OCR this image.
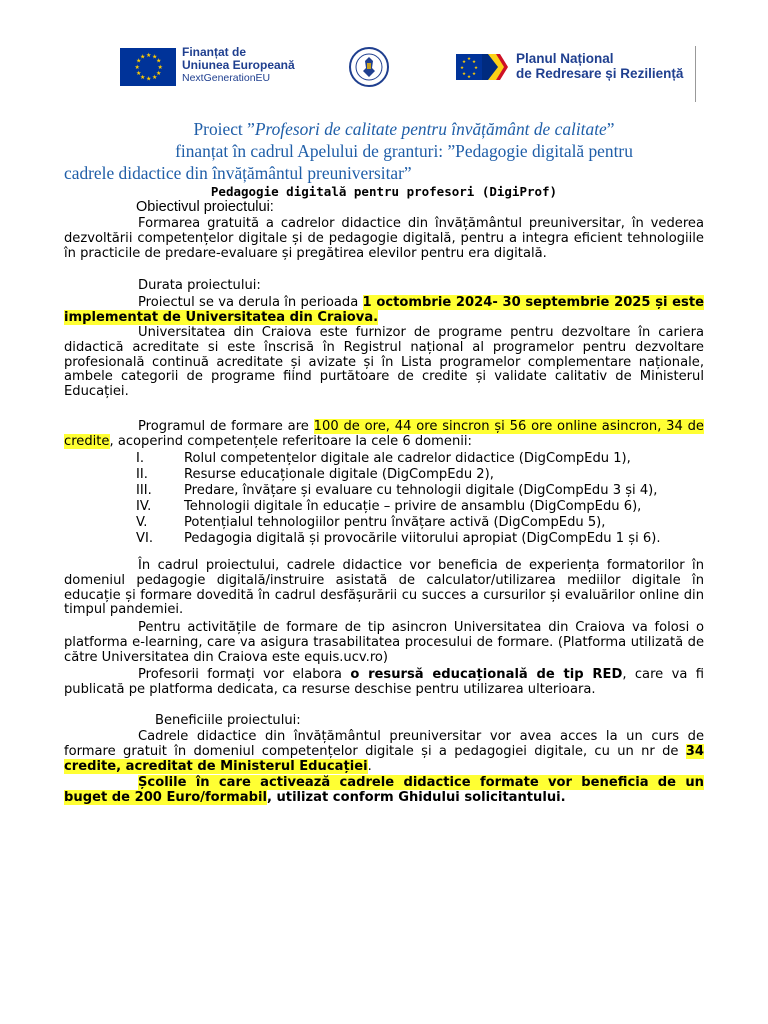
★ ★
★
★
★
★
★
★
★
★
★
★	Finanțat de
Uniunea Europeană
NextGenerationEU
★
★
★
★
★
★
★
★	Planul Național
de Redresare și Reziliență
Proiect ”Profesori de calitate pentru învățământ de calitate”
finanțat în cadrul Apelului de granturi: ”Pedagogie digitală pentru
cadrele didactice din învățământul preuniversitar”
Pedagogie digitală pentru profesori (DigiProf)
Obiectivul proiectului:
Formarea gratuită a cadrelor didactice din învățământul preuniversitar, în vederea dezvoltării competențelor digitale și de pedagogie digitală, pentru a integra eficient tehnologiile în practicile de predare-evaluare și pregătirea elevilor pentru era digitală.
Durata proiectului:
Proiectul se va derula în perioada 1 octombrie 2024- 30 septembrie 2025 și este implementat de Universitatea din Craiova.
Universitatea din Craiova este furnizor de programe pentru dezvoltare în cariera didactică acreditate si este înscrisă în Registrul național al programelor pentru dezvoltare profesională continuă acreditate și avizate și în Lista programelor complementare naționale, ambele categorii de programe fiind purtătoare de credite și validate calitativ de Ministerul Educației.
Programul de formare are 100 de ore, 44 ore sincron și 56 ore online asincron, 34 de credite, acoperind competențele referitoare la cele 6 domenii:
I.	Rolul competențelor digitale ale cadrelor didactice (DigCompEdu 1),
II.	Resurse educaționale digitale (DigCompEdu 2),
III.	Predare, învățare și evaluare cu tehnologii digitale (DigCompEdu 3 și 4),
IV.	Tehnologii digitale în educație – privire de ansamblu (DigCompEdu 6),
V.	Potențialul tehnologiilor pentru învățare activă (DigCompEdu 5),
VI.	Pedagogia digitală și provocările viitorului apropiat (DigCompEdu 1 și 6).
În cadrul proiectului, cadrele didactice vor beneficia de experiența formatorilor în domeniul pedagogie digitală/instruire asistată de calculator/utilizarea mediilor digitale în educație și formare dovedită în cadrul desfășurării cu succes a cursurilor și evaluărilor online din timpul pandemiei.
Pentru activitățile de formare de tip asincron Universitatea din Craiova va folosi o platforma e-learning, care va asigura trasabilitatea procesului de formare. (Platforma utilizată de către Universitatea din Craiova este equis.ucv.ro)
Profesorii formați vor elabora o resursă educațională de tip RED, care va fi publicată pe platforma dedicata, ca resurse deschise pentru utilizarea ulterioara.
Beneficiile proiectului:
Cadrele didactice din învățământul preuniversitar vor avea acces la un curs de formare gratuit în domeniul competențelor digitale și a pedagogiei digitale, cu un nr de 34 credite, acreditat de Ministerul Educației.
Școlile în care activează cadrele didactice formate vor beneficia de un buget de 200 Euro/formabil, utilizat conform Ghidului solicitantului.
